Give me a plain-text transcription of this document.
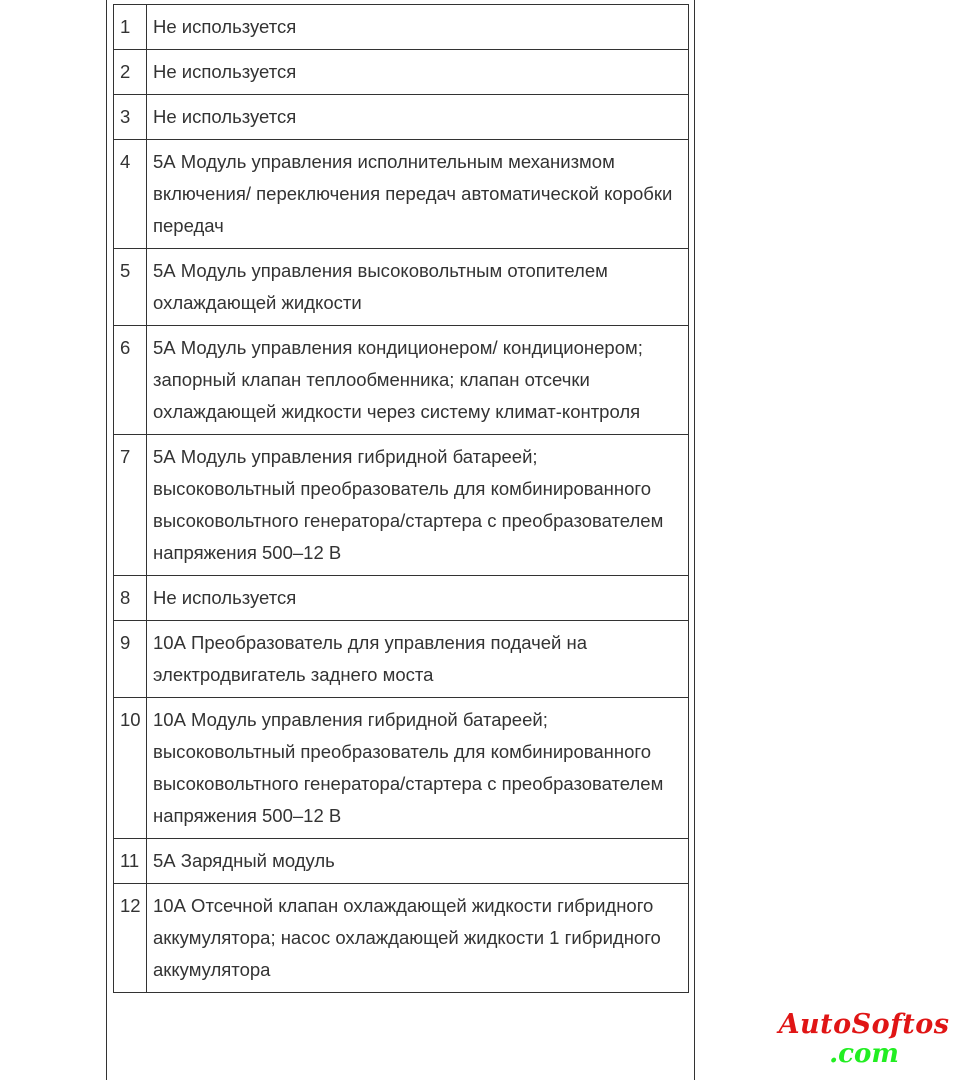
1	Не используется
2	Не используется
3	Не используется
4	5А Модуль управления исполнительным механизмом включения/ переключения передач автоматической коробки передач
5	5А Модуль управления высоковольтным отопителем охлаждающей жидкости
6	5А Модуль управления кондиционером/ кондиционером; запорный клапан теплообменника; клапан отсечки охлаждающей жидкости через систему климат-контроля
7	5А Модуль управления гибридной батареей; высоковольтный преобразователь для комбинированного высоковольтного генератора/стартера с преобразователем напряжения 500–12 В
8	Не используется
9	10А Преобразователь для управления подачей на электродвигатель заднего моста
10	10А Модуль управления гибридной батареей; высоковольтный преобразователь для комбинированного высоковольтного генератора/стартера с преобразователем напряжения 500–12 В
11	5А Зарядный модуль
12	10А Отсечной клапан охлаждающей жидкости гибридного аккумулятора; насос охлаждающей жидкости 1 гибридного аккумулятора
AutoSoftos
.com
